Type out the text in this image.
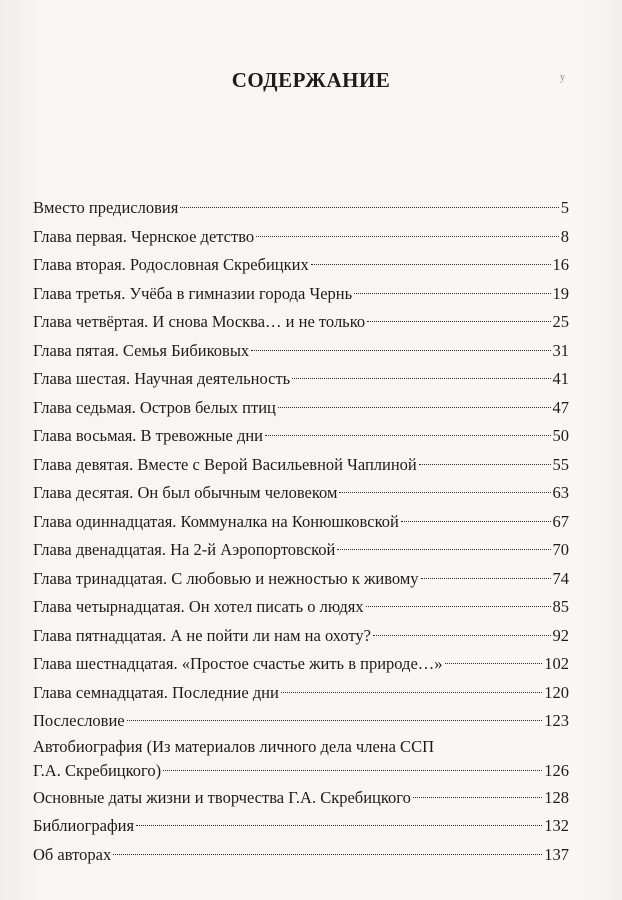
СОДЕРЖАНИЕ	у
Вместо предисловия	5
Глава первая. Чернское детство	8
Глава вторая. Родословная Скребицких	16
Глава третья. Учёба в гимназии города Чернь	19
Глава четвёртая. И снова Москва… и не только	25
Глава пятая. Семья Бибиковых	31
Глава шестая. Научная деятельность	41
Глава седьмая. Остров белых птиц	47
Глава восьмая. В тревожные дни	50
Глава девятая. Вместе с Верой Васильевной Чаплиной	55
Глава десятая. Он был обычным человеком	63
Глава одиннадцатая. Коммуналка на Конюшковской	67
Глава двенадцатая. На 2-й Аэропортовской	70
Глава тринадцатая. С любовью и нежностью к живому	74
Глава четырнадцатая. Он хотел писать о людях	85
Глава пятнадцатая. А не пойти ли нам на охоту?	92
Глава шестнадцатая. «Простое счастье жить в природе…»	102
Глава семнадцатая. Последние дни	120
Послесловие	123
Автобиография (Из материалов личного дела члена ССП
Г.А. Скребицкого)	126
Основные даты жизни и творчества Г.А. Скребицкого	128
Библиография	132
Об авторах	137
